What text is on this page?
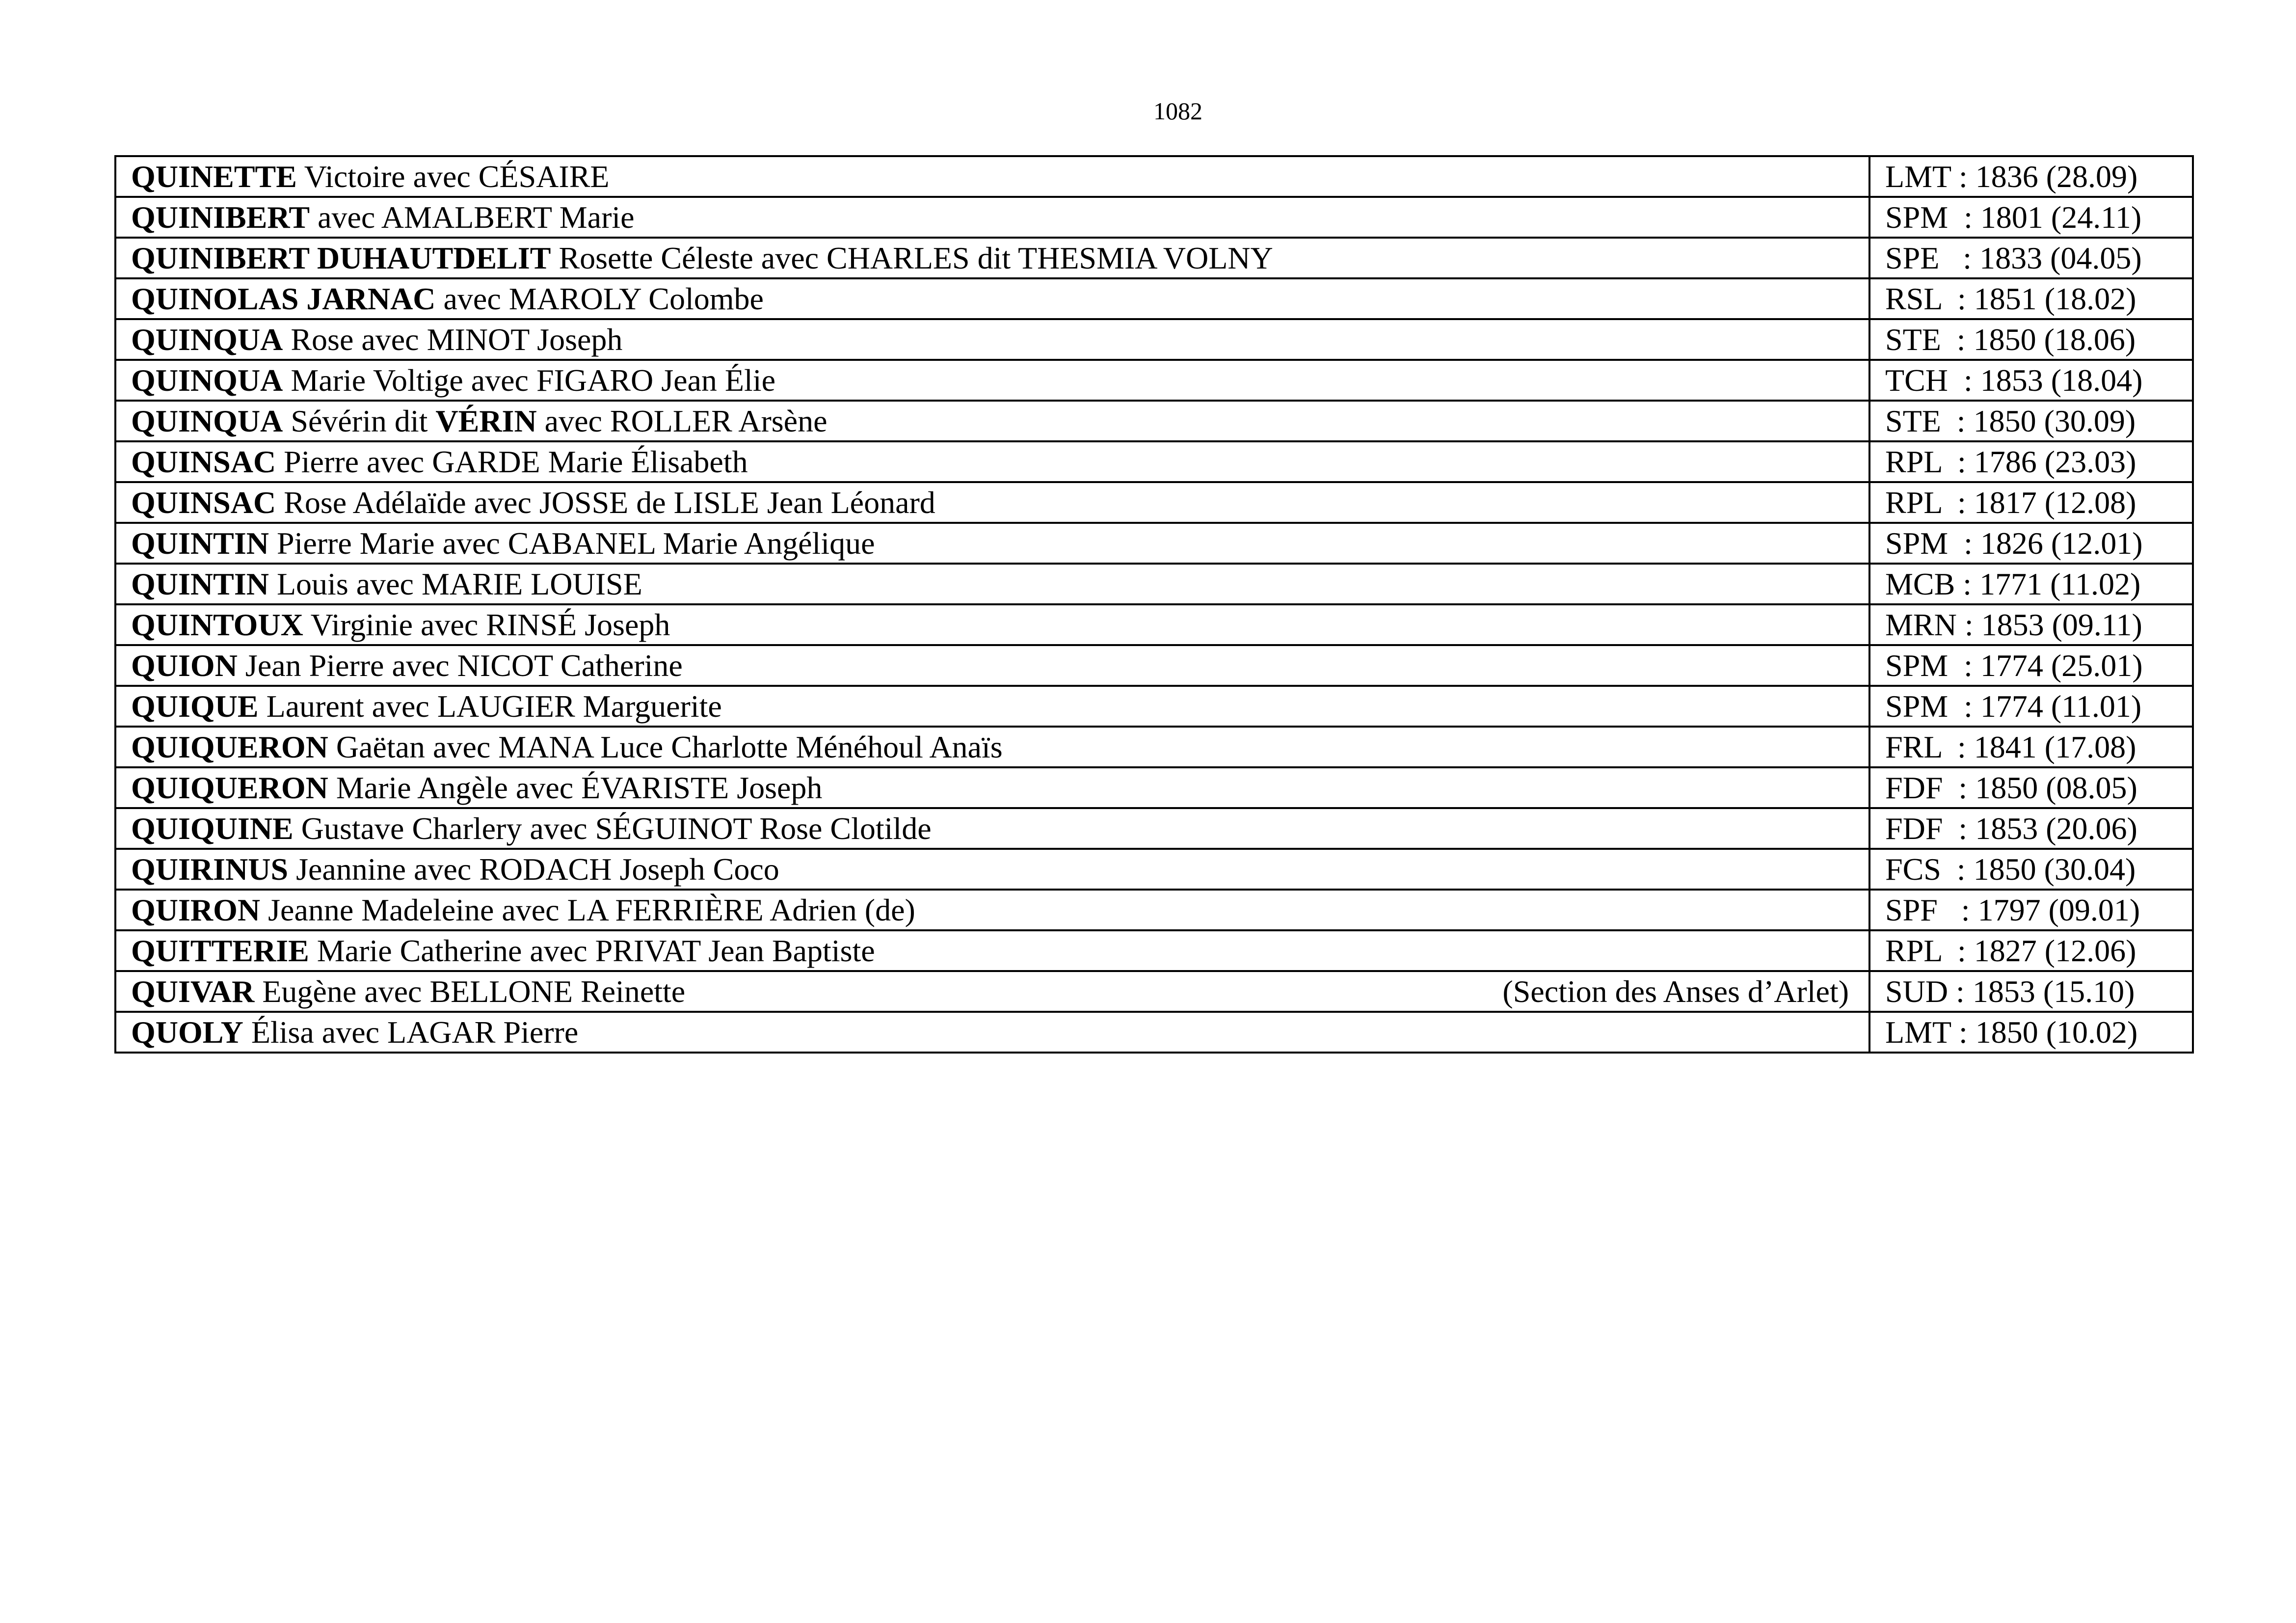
1082
QUINETTE Victoire avec CÉSAIRE	LMT : 1836 (28.09)

QUINIBERT avec AMALBERT Marie	SPM  : 1801 (24.11)

QUINIBERT DUHAUTDELIT Rosette Céleste avec CHARLES dit THESMIA VOLNY	SPE   : 1833 (04.05)

QUINOLAS JARNAC avec MAROLY Colombe	RSL  : 1851 (18.02)

QUINQUA Rose avec MINOT Joseph	STE  : 1850 (18.06)

QUINQUA Marie Voltige avec FIGARO Jean Élie	TCH  : 1853 (18.04)

QUINQUA Sévérin dit VÉRIN avec ROLLER Arsène	STE  : 1850 (30.09)

QUINSAC Pierre avec GARDE Marie Élisabeth	RPL  : 1786 (23.03)

QUINSAC Rose Adélaïde avec JOSSE de LISLE Jean Léonard	RPL  : 1817 (12.08)

QUINTIN Pierre Marie avec CABANEL Marie Angélique	SPM  : 1826 (12.01)

QUINTIN Louis avec MARIE LOUISE	MCB : 1771 (11.02)

QUINTOUX Virginie avec RINSÉ Joseph	MRN : 1853 (09.11)

QUION Jean Pierre avec NICOT Catherine	SPM  : 1774 (25.01)

QUIQUE Laurent avec LAUGIER Marguerite	SPM  : 1774 (11.01)

QUIQUERON Gaëtan avec MANA Luce Charlotte Ménéhoul Anaïs	FRL  : 1841 (17.08)

QUIQUERON Marie Angèle avec ÉVARISTE Joseph	FDF  : 1850 (08.05)

QUIQUINE Gustave Charlery avec SÉGUINOT Rose Clotilde	FDF  : 1853 (20.06)

QUIRINUS Jeannine avec RODACH Joseph Coco	FCS  : 1850 (30.04)

QUIRON Jeanne Madeleine avec LA FERRIÈRE Adrien (de)	SPF   : 1797 (09.01)

QUITTERIE Marie Catherine avec PRIVAT Jean Baptiste	RPL  : 1827 (12.06)

QUIVAR Eugène avec BELLONE Reinette (Section des Anses d’Arlet)	SUD : 1853 (15.10)

QUOLY Élisa avec LAGAR Pierre	LMT : 1850 (10.02)
